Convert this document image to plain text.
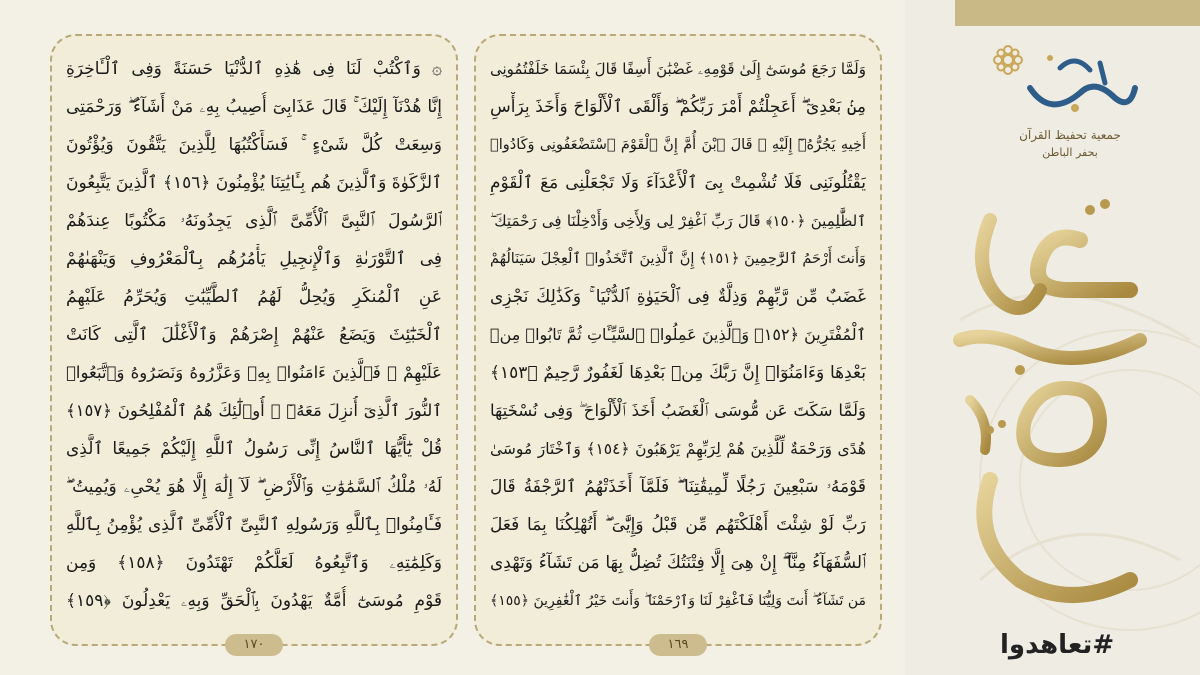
۞ وَٱكْتُبْ لَنَا فِى هَٰذِهِ ٱلدُّنْيَا حَسَنَةً وَفِى ٱلْـَٔاخِرَةِ
إِنَّا هُدْنَآ إِلَيْكَ ۚ قَالَ عَذَابِىٓ أُصِيبُ بِهِۦ مَنْ أَشَآءُ ۖ وَرَحْمَتِى
وَسِعَتْ كُلَّ شَىْءٍ ۚ فَسَأَكْتُبُهَا لِلَّذِينَ يَتَّقُونَ وَيُؤْتُونَ
ٱلزَّكَوٰةَ وَٱلَّذِينَ هُم بِـَٔايَٰتِنَا يُؤْمِنُونَ ﴿١٥٦﴾ ٱلَّذِينَ يَتَّبِعُونَ
ٱلرَّسُولَ ٱلنَّبِىَّ ٱلْأُمِّىَّ ٱلَّذِى يَجِدُونَهُۥ مَكْتُوبًا عِندَهُمْ
فِى ٱلتَّوْرَىٰةِ وَٱلْإِنجِيلِ يَأْمُرُهُم بِٱلْمَعْرُوفِ وَيَنْهَىٰهُمْ
عَنِ ٱلْمُنكَرِ وَيُحِلُّ لَهُمُ ٱلطَّيِّبَٰتِ وَيُحَرِّمُ عَلَيْهِمُ
ٱلْخَبَٰٓئِثَ وَيَضَعُ عَنْهُمْ إِصْرَهُمْ وَٱلْأَغْلَٰلَ ٱلَّتِى كَانَتْ
عَلَيْهِمْ ۚ فَٱلَّذِينَ ءَامَنُوا۟ بِهِۦ وَعَزَّرُوهُ وَنَصَرُوهُ وَٱتَّبَعُوا۟
ٱلنُّورَ ٱلَّذِىٓ أُنزِلَ مَعَهُۥٓ ۙ أُو۟لَٰٓئِكَ هُمُ ٱلْمُفْلِحُونَ ﴿١٥٧﴾
قُلْ يَٰٓأَيُّهَا ٱلنَّاسُ إِنِّى رَسُولُ ٱللَّهِ إِلَيْكُمْ جَمِيعًا ٱلَّذِى
لَهُۥ مُلْكُ ٱلسَّمَٰوَٰتِ وَٱلْأَرْضِ ۖ لَآ إِلَٰهَ إِلَّا هُوَ يُحْىِۦ وَيُمِيتُ ۖ
فَـَٔامِنُوا۟ بِٱللَّهِ وَرَسُولِهِ ٱلنَّبِىِّ ٱلْأُمِّىِّ ٱلَّذِى يُؤْمِنُ بِٱللَّهِ
وَكَلِمَٰتِهِۦ وَٱتَّبِعُوهُ لَعَلَّكُمْ تَهْتَدُونَ ﴿١٥٨﴾ وَمِن
قَوْمِ مُوسَىٰٓ أُمَّةٌ يَهْدُونَ بِٱلْحَقِّ وَبِهِۦ يَعْدِلُونَ ﴿١٥٩﴾
١٧٠
وَلَمَّا رَجَعَ مُوسَىٰٓ إِلَىٰ قَوْمِهِۦ غَضْبَٰنَ أَسِفًا قَالَ بِئْسَمَا خَلَفْتُمُونِى
مِنۢ بَعْدِىٓ ۖ أَعَجِلْتُمْ أَمْرَ رَبِّكُمْ ۖ وَأَلْقَى ٱلْأَلْوَاحَ وَأَخَذَ بِرَأْسِ
أَخِيهِ يَجُرُّهُۥٓ إِلَيْهِ ۚ قَالَ ٱبْنَ أُمَّ إِنَّ ٱلْقَوْمَ ٱسْتَضْعَفُونِى وَكَادُوا۟
يَقْتُلُونَنِى فَلَا تُشْمِتْ بِىَ ٱلْأَعْدَآءَ وَلَا تَجْعَلْنِى مَعَ ٱلْقَوْمِ
ٱلظَّٰلِمِينَ ﴿١٥٠﴾ قَالَ رَبِّ ٱغْفِرْ لِى وَلِأَخِى وَأَدْخِلْنَا فِى رَحْمَتِكَ ۖ
وَأَنتَ أَرْحَمُ ٱلرَّٰحِمِينَ ﴿١٥١﴾ إِنَّ ٱلَّذِينَ ٱتَّخَذُوا۟ ٱلْعِجْلَ سَيَنَالُهُمْ
غَضَبٌ مِّن رَّبِّهِمْ وَذِلَّةٌ فِى ٱلْحَيَوٰةِ ٱلدُّنْيَا ۚ وَكَذَٰلِكَ نَجْزِى
ٱلْمُفْتَرِينَ ﴿١٥٢﴾ وَٱلَّذِينَ عَمِلُوا۟ ٱلسَّيِّـَٔاتِ ثُمَّ تَابُوا۟ مِنۢ
بَعْدِهَا وَءَامَنُوٓا۟ إِنَّ رَبَّكَ مِنۢ بَعْدِهَا لَغَفُورٌ رَّحِيمٌ ﴿١٥٣﴾
وَلَمَّا سَكَتَ عَن مُّوسَى ٱلْغَضَبُ أَخَذَ ٱلْأَلْوَاحَ ۖ وَفِى نُسْخَتِهَا
هُدًى وَرَحْمَةٌ لِّلَّذِينَ هُمْ لِرَبِّهِمْ يَرْهَبُونَ ﴿١٥٤﴾ وَٱخْتَارَ مُوسَىٰ
قَوْمَهُۥ سَبْعِينَ رَجُلًا لِّمِيقَٰتِنَا ۖ فَلَمَّآ أَخَذَتْهُمُ ٱلرَّجْفَةُ قَالَ
رَبِّ لَوْ شِئْتَ أَهْلَكْتَهُم مِّن قَبْلُ وَإِيَّٰىَ ۖ أَتُهْلِكُنَا بِمَا فَعَلَ
ٱلسُّفَهَآءُ مِنَّآ ۖ إِنْ هِىَ إِلَّا فِتْنَتُكَ تُضِلُّ بِهَا مَن تَشَآءُ وَتَهْدِى
مَن تَشَآءُ ۖ أَنتَ وَلِيُّنَا فَٱغْفِرْ لَنَا وَٱرْحَمْنَا ۖ وَأَنتَ خَيْرُ ٱلْغَٰفِرِينَ ﴿١٥٥﴾
١٦٩
جمعية تحفيظ القرآن
بحفر الباطن
#تعاهدوا
